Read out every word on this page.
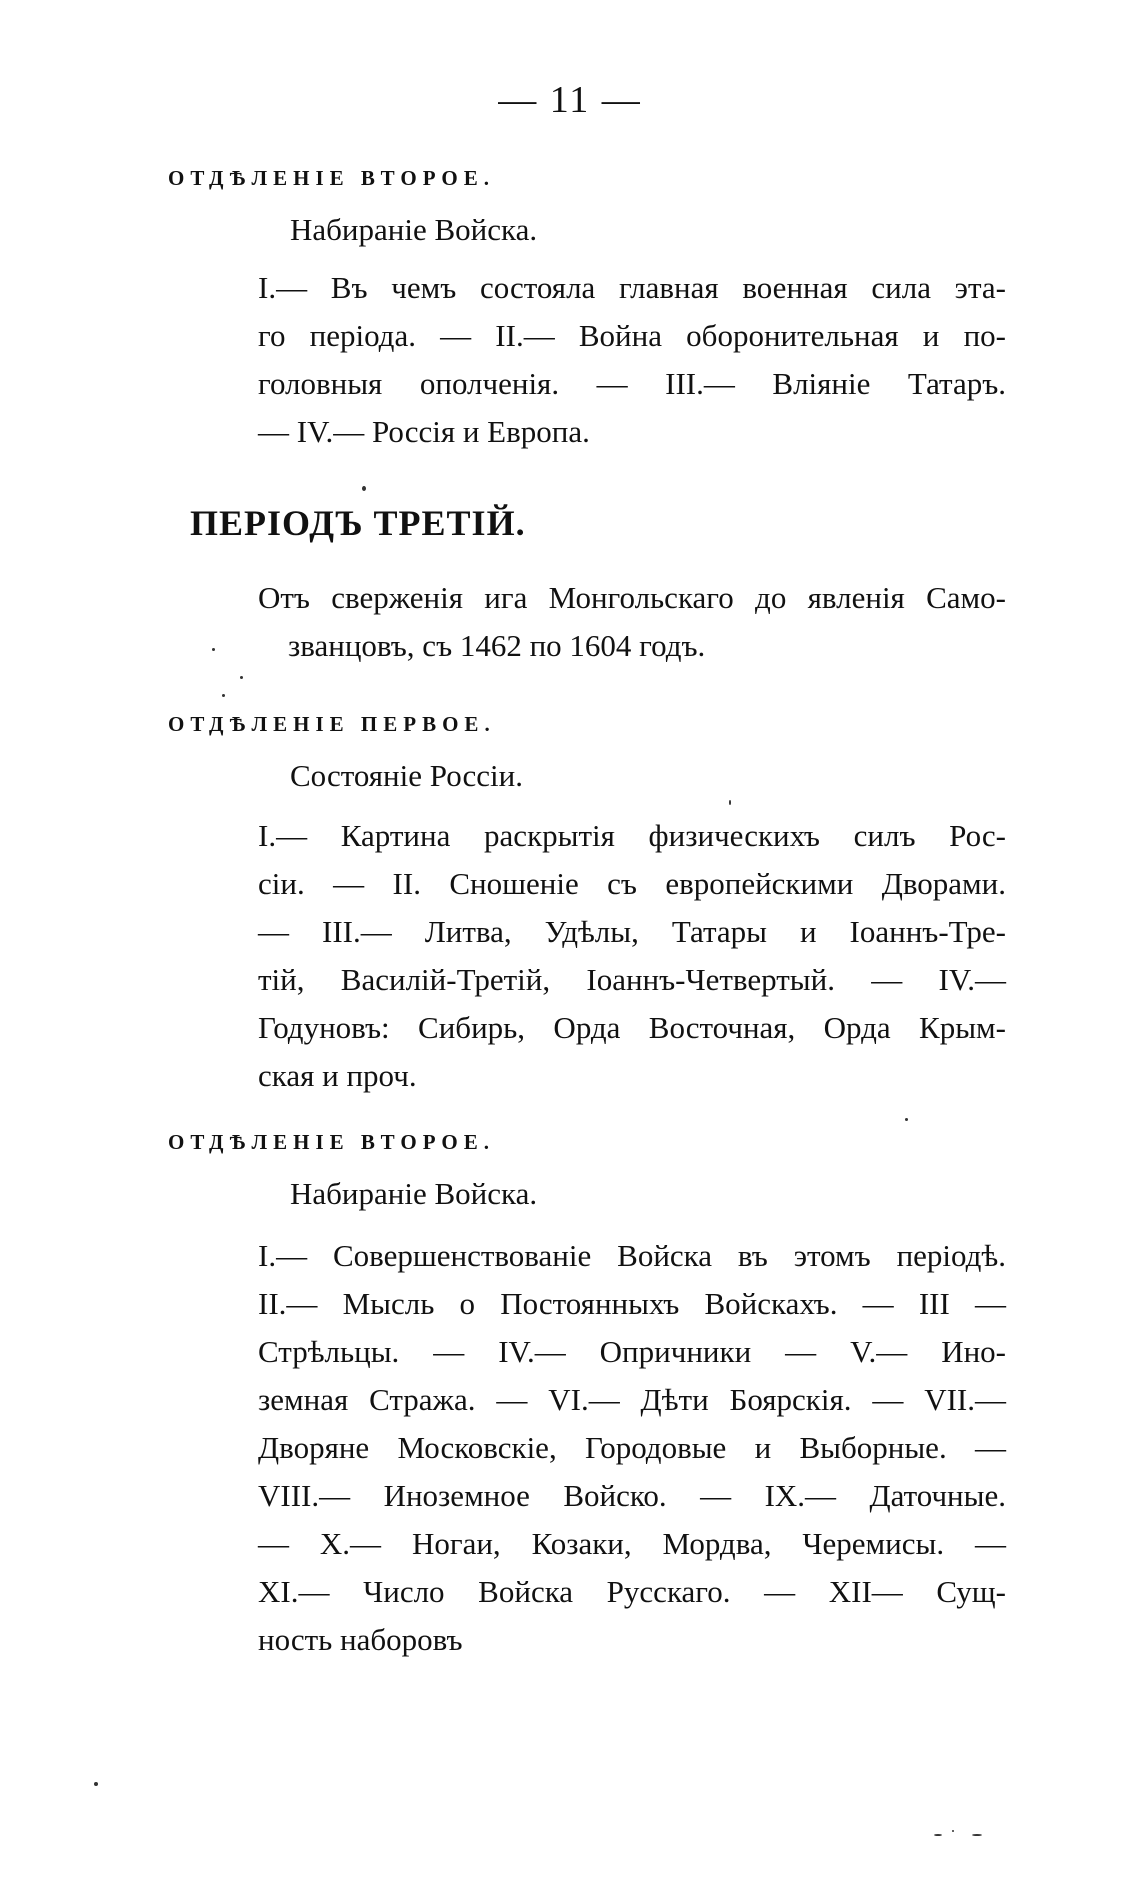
— 11 —
ОТДѢЛЕНІЕ ВТОРОЕ.
Набираніе Войска.
I.— Въ чемъ состояла главная военная сила эта-
го періода. — II.— Война оборонительная и по-
головныя ополченія. — III.— Вліяніе Татаръ.
— IV.— Россія и Европа.
ПЕРІОДЪ ТРЕТІЙ.
Отъ сверженія ига Монгольскаго до явленія Само-
званцовъ, съ 1462 по 1604 годъ.
ОТДѢЛЕНІЕ ПЕРВОЕ.
Состояніе Россіи.
I.— Картина раскрытія физическихъ силъ Рос-
сіи. — II. Сношеніе съ европейскими Дворами.
— III.— Литва, Удѣлы, Татары и Іоаннъ-Тре-
тій, Василій-Третій, Іоаннъ-Четвертый. — IV.—
Годуновъ: Сибирь, Орда Восточная, Орда Крым-
ская и проч.
ОТДѢЛЕНІЕ ВТОРОЕ.
Набираніе Войска.
I.— Совершенствованіе Войска въ этомъ періодѣ.
II.— Мысль о Постоянныхъ Войскахъ. — III —
Стрѣльцы. — IV.— Опричники — V.— Ино-
земная Стража. — VI.— Дѣти Боярскія. — VII.—
Дворяне Московскіе, Городовые и Выборные. —
VIII.— Иноземное Войско. — IX.— Даточные.
— X.— Ногаи, Козаки, Мордва, Черемисы. —
XI.— Число Войска Русскаго. — XII— Сущ-
ность наборовъ
